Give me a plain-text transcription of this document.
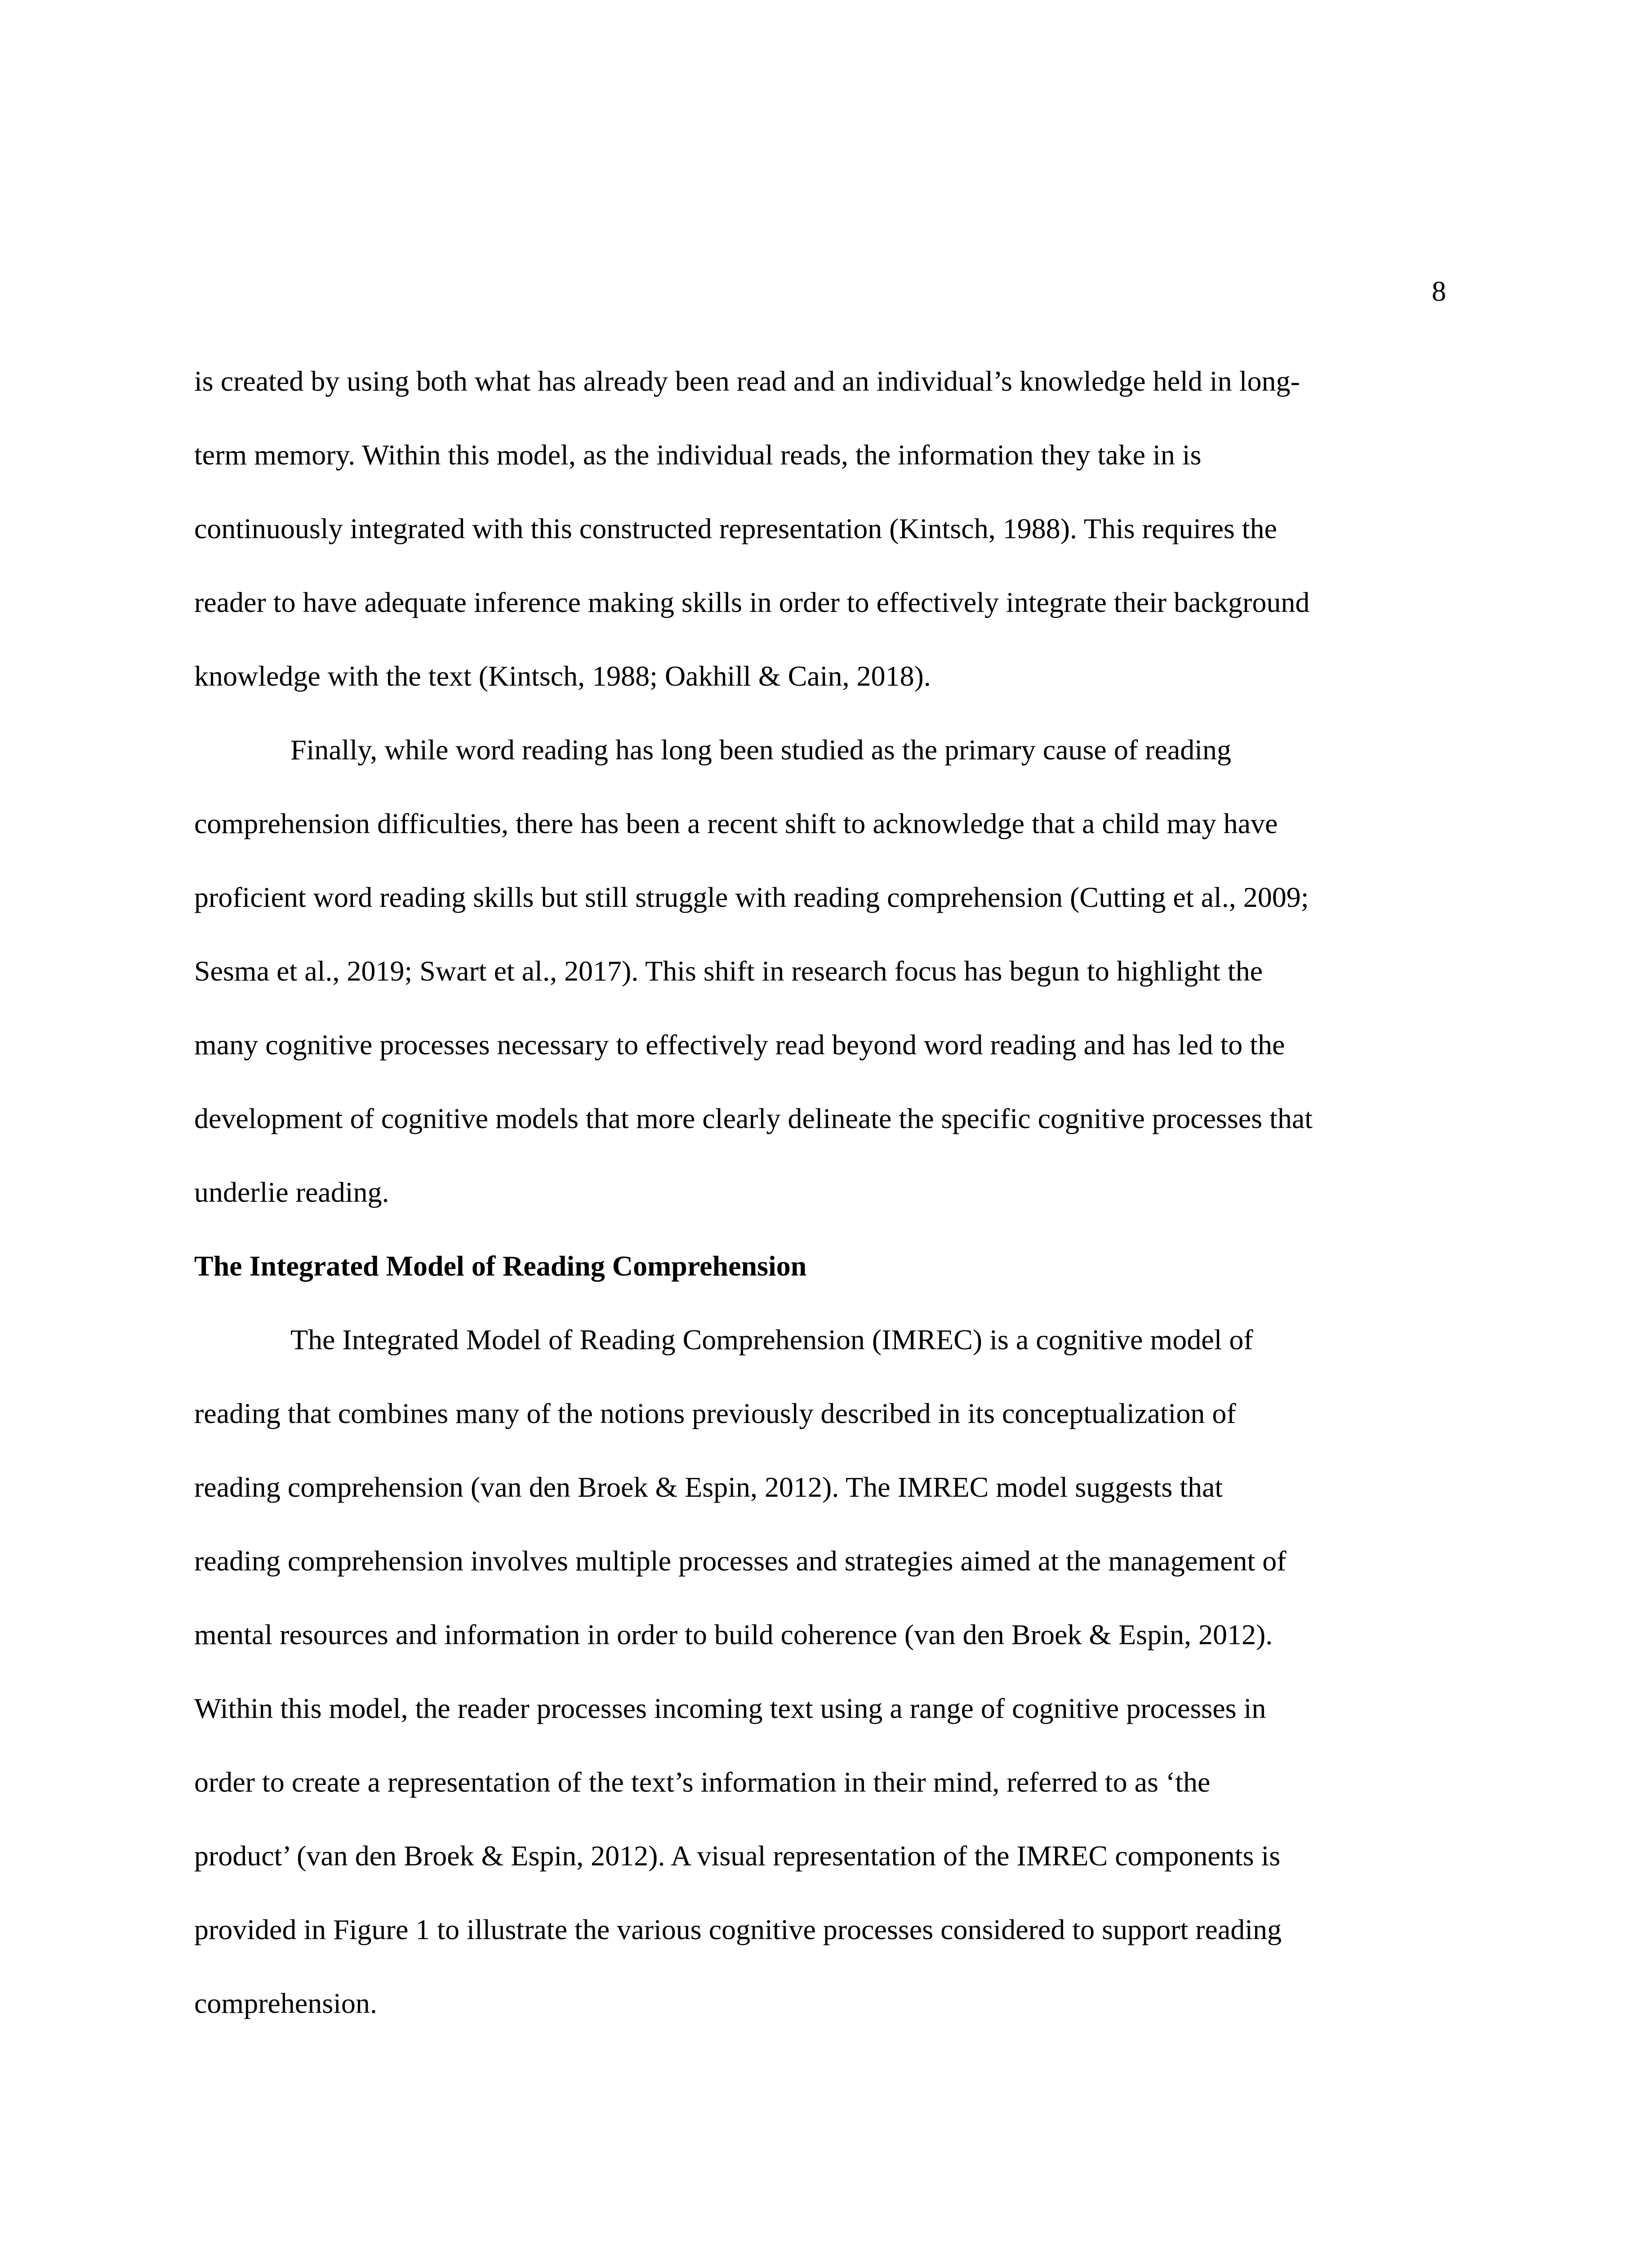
8
is created by using both what has already been read and an individual’s knowledge held in long-
term memory. Within this model, as the individual reads, the information they take in is
continuously integrated with this constructed representation (Kintsch, 1988). This requires the
reader to have adequate inference making skills in order to effectively integrate their background
knowledge with the text (Kintsch, 1988; Oakhill & Cain, 2018).
Finally, while word reading has long been studied as the primary cause of reading
comprehension difficulties, there has been a recent shift to acknowledge that a child may have
proficient word reading skills but still struggle with reading comprehension (Cutting et al., 2009;
Sesma et al., 2019; Swart et al., 2017). This shift in research focus has begun to highlight the
many cognitive processes necessary to effectively read beyond word reading and has led to the
development of cognitive models that more clearly delineate the specific cognitive processes that
underlie reading.
The Integrated Model of Reading Comprehension
The Integrated Model of Reading Comprehension (IMREC) is a cognitive model of
reading that combines many of the notions previously described in its conceptualization of
reading comprehension (van den Broek & Espin, 2012). The IMREC model suggests that
reading comprehension involves multiple processes and strategies aimed at the management of
mental resources and information in order to build coherence (van den Broek & Espin, 2012).
Within this model, the reader processes incoming text using a range of cognitive processes in
order to create a representation of the text’s information in their mind, referred to as ‘the
product’ (van den Broek & Espin, 2012). A visual representation of the IMREC components is
provided in Figure 1 to illustrate the various cognitive processes considered to support reading
comprehension.
